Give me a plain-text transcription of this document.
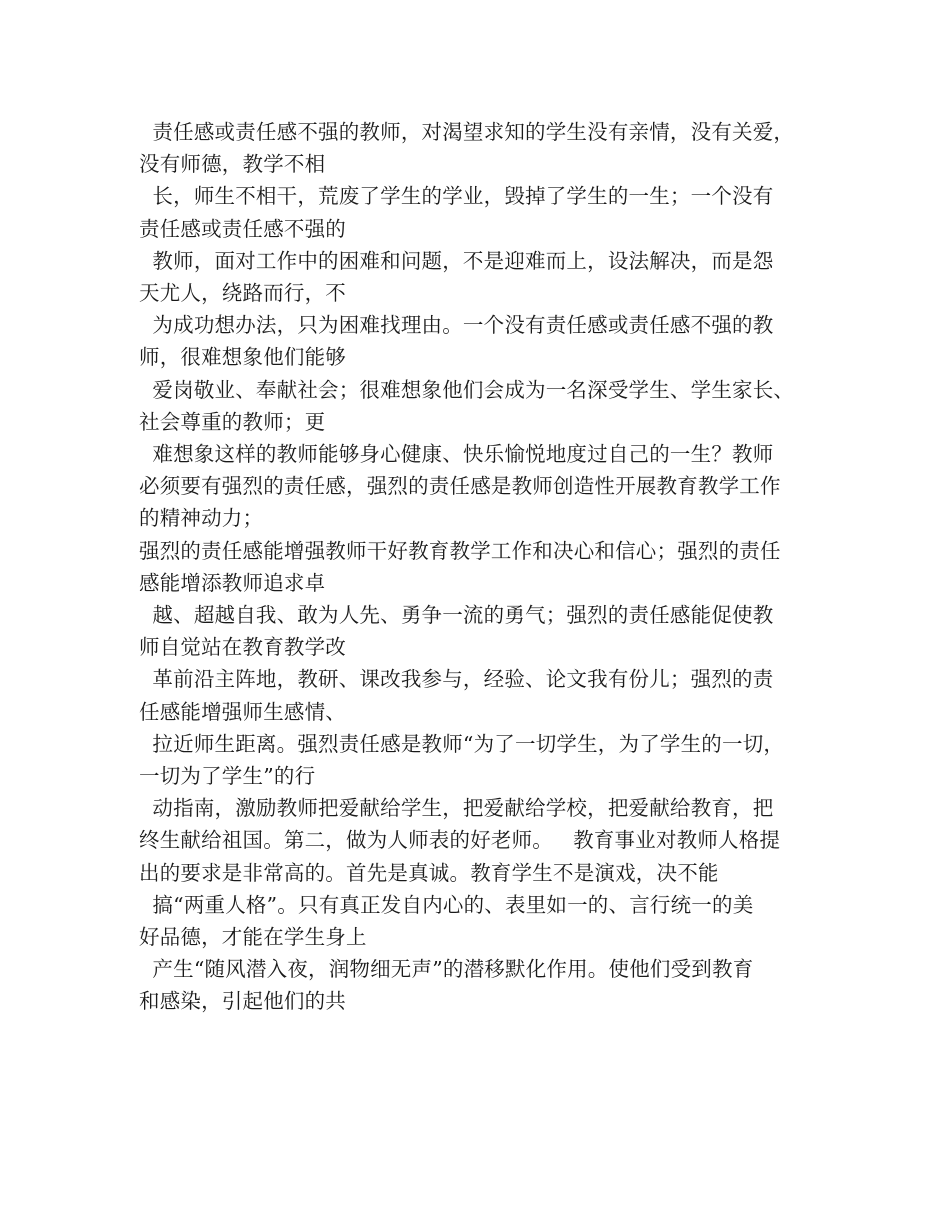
责任感或责任感不强的教师，对渴望求知的学生没有亲情，没有关爱，
没有师德，教学不相
长，师生不相干，荒废了学生的学业，毁掉了学生的一生；一个没有
责任感或责任感不强的
教师，面对工作中的困难和问题，不是迎难而上，设法解决，而是怨
天尤人，绕路而行，不
为成功想办法，只为困难找理由。一个没有责任感或责任感不强的教
师，很难想象他们能够
爱岗敬业、奉献社会；很难想象他们会成为一名深受学生、学生家长、
社会尊重的教师；更
难想象这样的教师能够身心健康、快乐愉悦地度过自己的一生？教师
必须要有强烈的责任感，强烈的责任感是教师创造性开展教育教学工作
的精神动力；
强烈的责任感能增强教师干好教育教学工作和决心和信心；强烈的责任
感能增添教师追求卓
越、超越自我、敢为人先、勇争一流的勇气；强烈的责任感能促使教
师自觉站在教育教学改
革前沿主阵地，教研、课改我参与，经验、论文我有份儿；强烈的责
任感能增强师生感情、
拉近师生距离。强烈责任感是教师“为了一切学生，为了学生的一切，
一切为了学生”的行
动指南，激励教师把爱献给学生，把爱献给学校，把爱献给教育，把
终生献给祖国。第二，做为人师表的好老师。   教育事业对教师人格提
出的要求是非常高的。首先是真诚。教育学生不是演戏，决不能
搞“两重人格”。只有真正发自内心的、表里如一的、言行统一的美
好品德，才能在学生身上
产生“随风潜入夜，润物细无声”的潜移默化作用。使他们受到教育
和感染，引起他们的共
